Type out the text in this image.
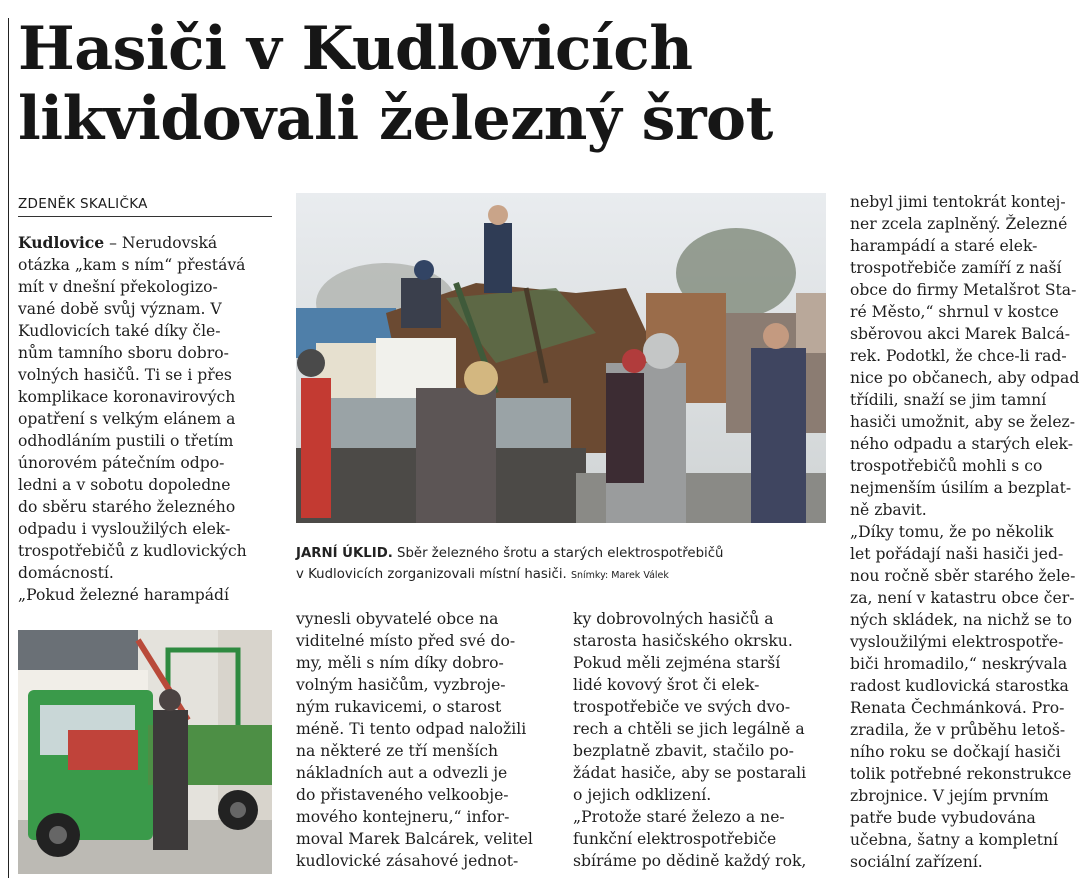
Hasiči v Kudlovicích
likvidovali železný šrot
ZDENĚK SKALIČKA

Kudlovice – Nerudovská
otázka „kam s ním“ přestává
mít v dnešní překologizo-
vané době svůj význam. V
Kudlovicích také díky čle-
nům tamního sboru dobro-
volných hasičů. Ti se i přes
komplikace koronavirových
opatření s velkým elánem a
odhodláním pustili o třetím
únorovém pátečním odpo-
ledni a v sobotu dopoledne
do sběru starého železného
odpadu i vysloužilých elek-
trospotřebičů z kudlovických
domácností.
„Pokud železné harampádí

JARNÍ ÚKLID. Sběr železného šrotu a starých elektrospotřebičů
v Kudlovicích zorganizovali místní hasiči. Snímky: Marek Válek

vynesli obyvatelé obce na
viditelné místo před své do-
my, měli s ním díky dobro-
volným hasičům, vyzbroje-
ným rukavicemi, o starost
méně. Ti tento odpad naložili
na některé ze tří menších
nákladních aut a odvezli je
do přistaveného velkoobje-
mového kontejneru,“ infor-
moval Marek Balcárek, velitel
kudlovické zásahové jednot-

ky dobrovolných hasičů a
starosta hasičského okrsku.
Pokud měli zejména starší
lidé kovový šrot či elek-
trospotřebiče ve svých dvo-
rech a chtěli se jich legálně a
bezplatně zbavit, stačilo po-
žádat hasiče, aby se postarali
o jejich odklizení.
„Protože staré železo a ne-
funkční elektrospotřebiče
sbíráme po dědině každý rok,

nebyl jimi tentokrát kontej-
ner zcela zaplněný. Železné
harampádí a staré elek-
trospotřebiče zamíří z naší
obce do firmy Metalšrot Sta-
ré Město,“ shrnul v kostce
sběrovou akci Marek Balcá-
rek. Podotkl, že chce-li rad-
nice po občanech, aby odpad
třídili, snaží se jim tamní
hasiči umožnit, aby se želez-
ného odpadu a starých elek-
trospotřebičů mohli s co
nejmenším úsilím a bezplat-
ně zbavit.
„Díky tomu, že po několik
let pořádají naši hasiči jed-
nou ročně sběr starého žele-
za, není v katastru obce čer-
ných skládek, na nichž se to
vysloužilými elektrospotře-
biči hromadilo,“ neskrývala
radost kudlovická starostka
Renata Čechmánková. Pro-
zradila, že v průběhu letoš-
ního roku se dočkají hasiči
tolik potřebné rekonstrukce
zbrojnice. V jejím prvním
patře bude vybudována
učebna, šatny a kompletní
sociální zařízení.
